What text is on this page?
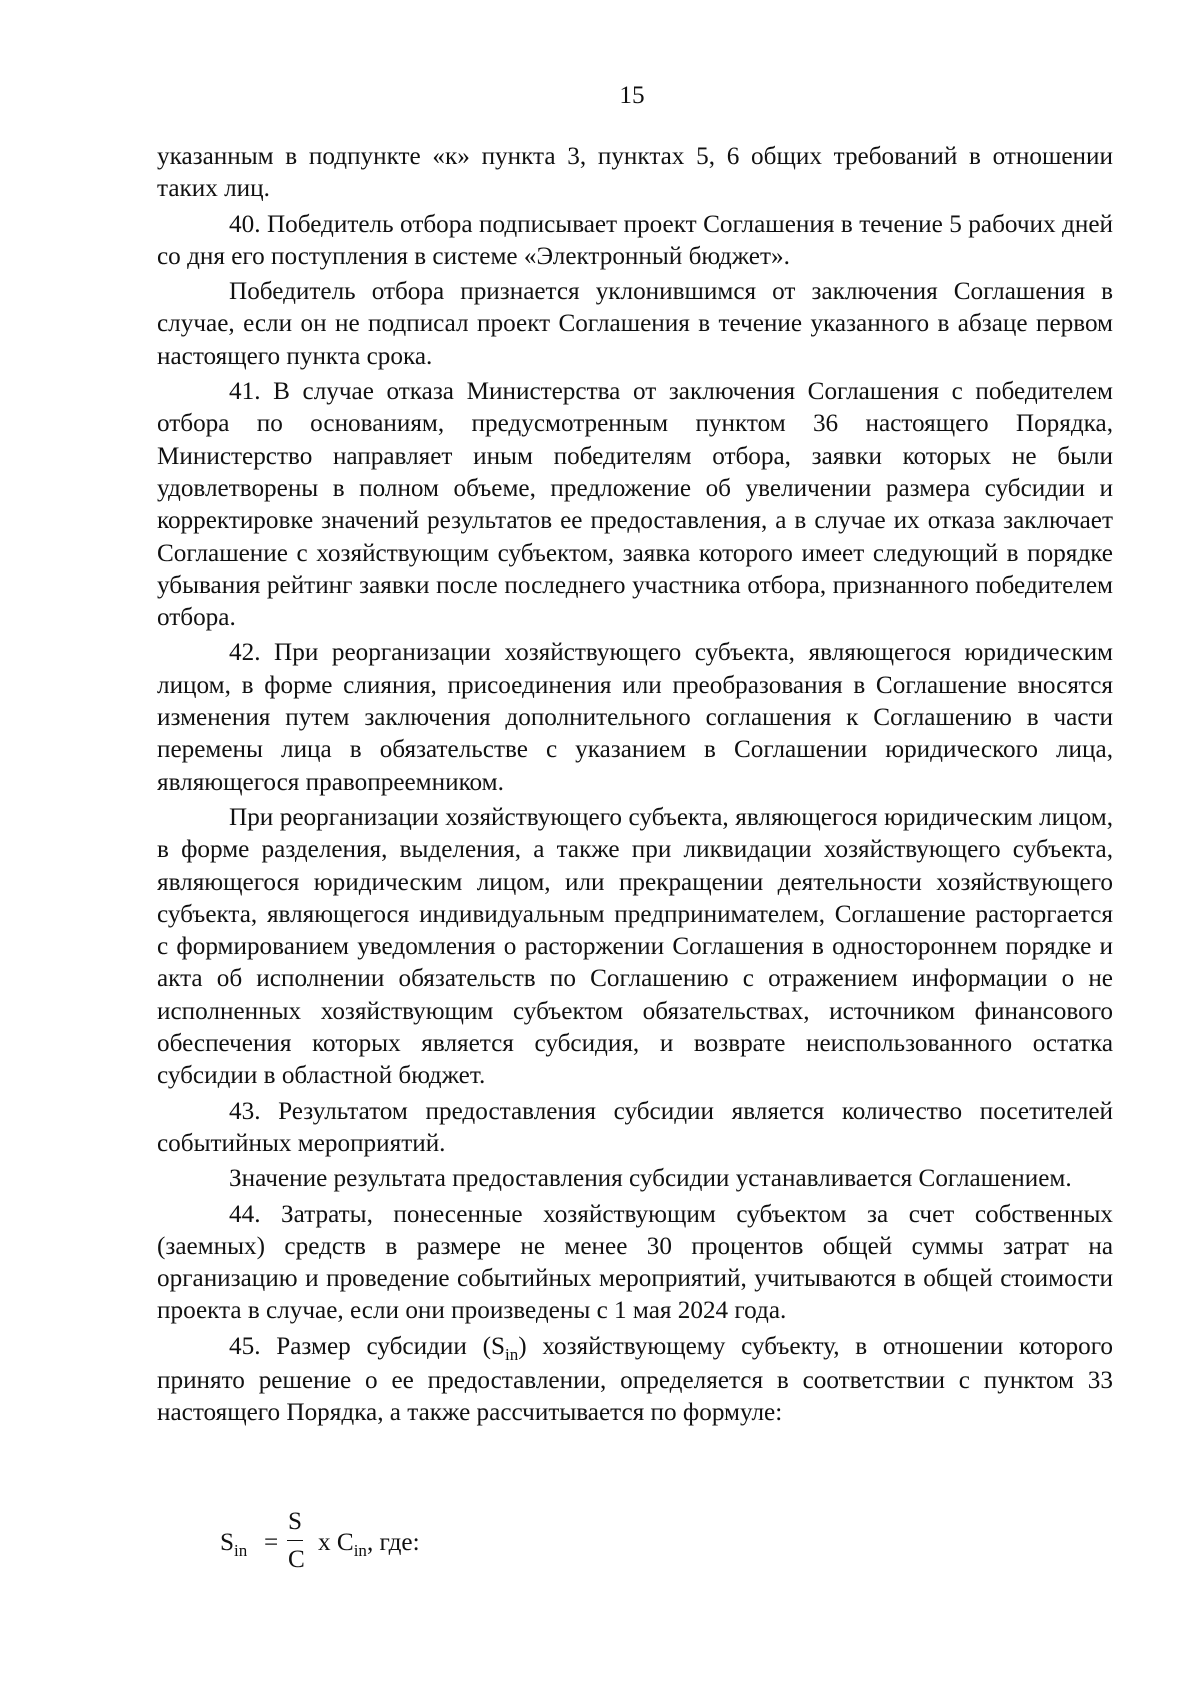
15

указанным в подпункте «к» пункта 3, пунктах 5, 6 общих требований в отношении таких лиц.

40. Победитель отбора подписывает проект Соглашения в течение 5 рабочих дней со дня его поступления в системе «Электронный бюджет».

Победитель отбора признается уклонившимся от заключения Соглашения в случае, если он не подписал проект Соглашения в течение указанного в абзаце первом настоящего пункта срока.

41. В случае отказа Министерства от заключения Соглашения с победителем отбора по основаниям, предусмотренным пунктом 36 настоящего Порядка, Министерство направляет иным победителям отбора, заявки которых не были удовлетворены в полном объеме, предложение об увеличении размера субсидии и корректировке значений результатов ее предоставления, а в случае их отказа заключает Соглашение с хозяйствующим субъектом, заявка которого имеет следующий в порядке убывания рейтинг заявки после последнего участника отбора, признанного победителем отбора.

42. При реорганизации хозяйствующего субъекта, являющегося юридическим лицом, в форме слияния, присоединения или преобразования в Соглашение вносятся изменения путем заключения дополнительного соглашения к Соглашению в части перемены лица в обязательстве с указанием в Соглашении юридического лица, являющегося правопреемником.

При реорганизации хозяйствующего субъекта, являющегося юридическим лицом, в форме разделения, выделения, а также при ликвидации хозяйствующего субъекта, являющегося юридическим лицом, или прекращении деятельности хозяйствующего субъекта, являющегося индивидуальным предпринимателем, Соглашение расторгается с формированием уведомления о расторжении Соглашения в одностороннем порядке и акта об исполнении обязательств по Соглашению с отражением информации о не исполненных хозяйствующим субъектом обязательствах, источником финансового обеспечения которых является субсидия, и возврате неиспользованного остатка субсидии в областной бюджет.

43. Результатом предоставления субсидии является количество посетителей событийных мероприятий.

Значение результата предоставления субсидии устанавливается Соглашением.

44. Затраты, понесенные хозяйствующим субъектом за счет собственных (заемных) средств в размере не менее 30 процентов общей суммы затрат на организацию и проведение событийных мероприятий, учитываются в общей стоимости проекта в случае, если они произведены с 1 мая 2024 года.

45. Размер субсидии $(S_{in})$ хозяйствующему субъекту, в отношении которого принято решение о ее предоставлении, определяется в соответствии с пунктом 33 настоящего Порядка, а также рассчитывается по формуле:

$S_{in}$ =
S
C
x $C_{in}$, где:
